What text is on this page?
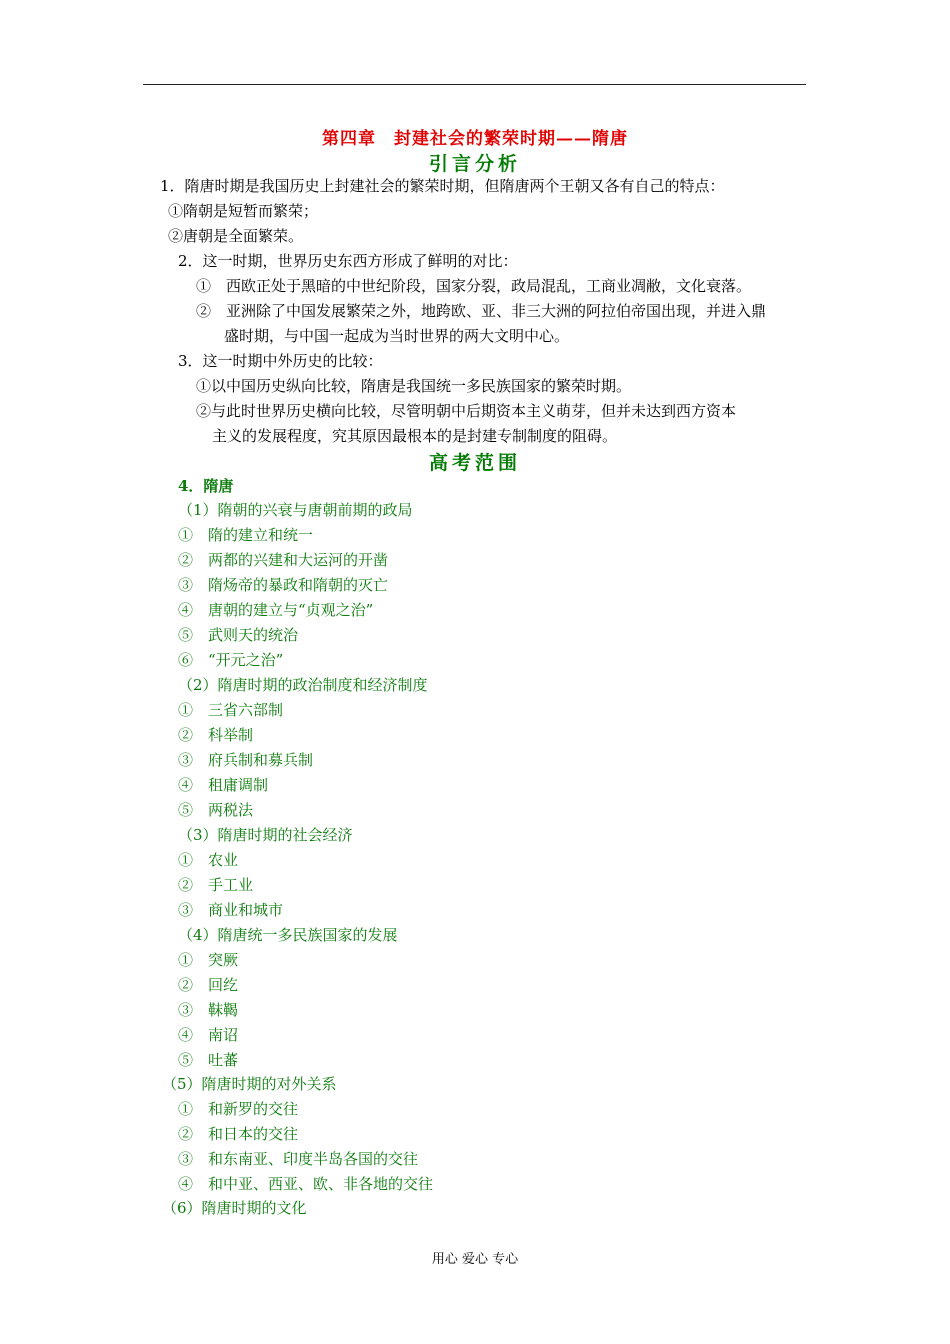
第四章　封建社会的繁荣时期——隋唐
引言分析
1．隋唐时期是我国历史上封建社会的繁荣时期，但隋唐两个王朝又各有自己的特点：
①隋朝是短暂而繁荣；
②唐朝是全面繁荣。
2．这一时期，世界历史东西方形成了鲜明的对比：
①　西欧正处于黑暗的中世纪阶段，国家分裂，政局混乱，工商业凋敝，文化衰落。
②　亚洲除了中国发展繁荣之外，地跨欧、亚、非三大洲的阿拉伯帝国出现，并进入鼎
盛时期，与中国一起成为当时世界的两大文明中心。
3．这一时期中外历史的比较：
①以中国历史纵向比较，隋唐是我国统一多民族国家的繁荣时期。
②与此时世界历史横向比较，尽管明朝中后期资本主义萌芽，但并未达到西方资本
主义的发展程度，究其原因最根本的是封建专制制度的阻碍。
高考范围
4．隋唐
（1）隋朝的兴衰与唐朝前期的政局
①　隋的建立和统一
②　两都的兴建和大运河的开凿
③　隋炀帝的暴政和隋朝的灭亡
④　唐朝的建立与“贞观之治”
⑤　武则天的统治
⑥　“开元之治”
（2）隋唐时期的政治制度和经济制度
①　三省六部制
②　科举制
③　府兵制和募兵制
④　租庸调制
⑤　两税法
（3）隋唐时期的社会经济
①　农业
②　手工业
③　商业和城市
（4）隋唐统一多民族国家的发展
①　突厥
②　回纥
③　靺鞨
④　南诏
⑤　吐蕃
（5）隋唐时期的对外关系
①　和新罗的交往
②　和日本的交往
③　和东南亚、印度半岛各国的交往
④　和中亚、西亚、欧、非各地的交往
（6）隋唐时期的文化
用心 爱心 专心
